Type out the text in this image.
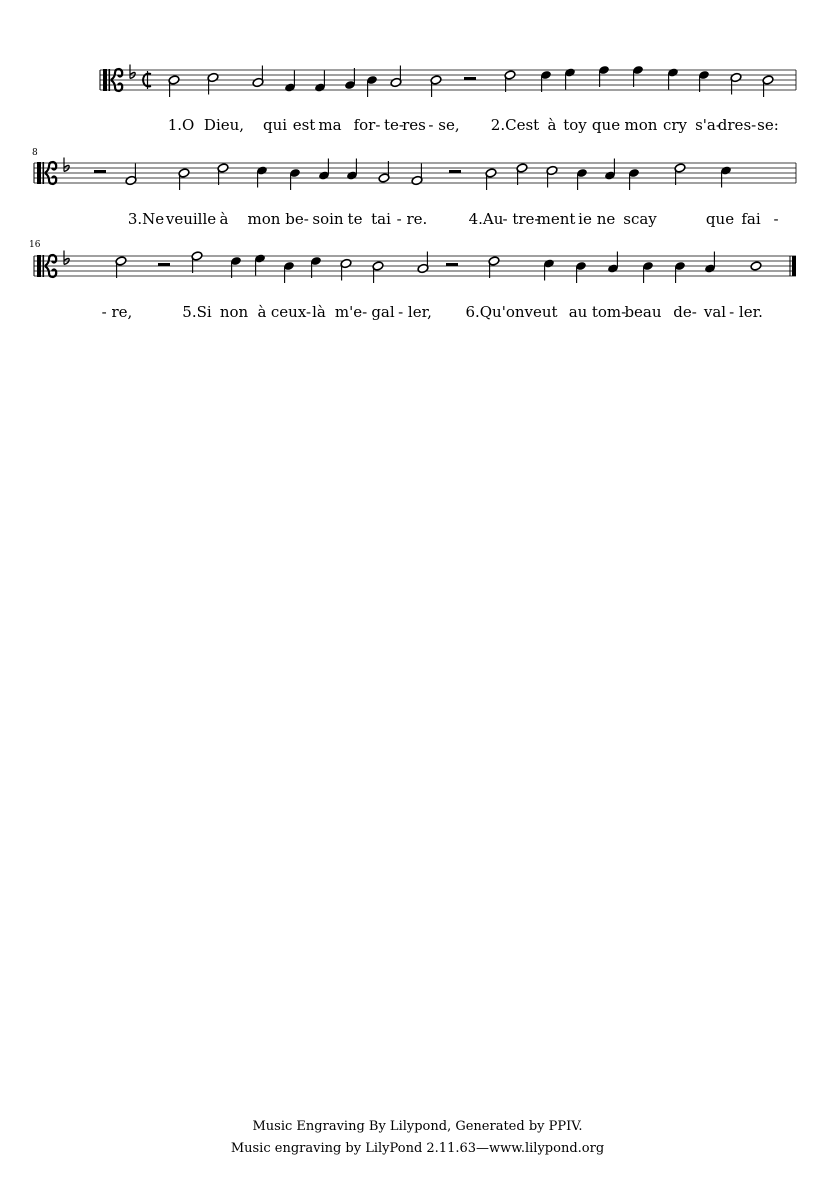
8
16
1.O Dieu, qui est ma for- te-
res - se, 2.Cest à toy que mon cry s'a-
dres- se:
3.Ne veuille à mon be- soin te tai - re.	4.Au - tre-
ment ie ne scay	que fai -
- re,	5.Si non à ceux- là m'e- gal - ler, 6.Qu'on veut au tom-
beau de- val - ler.
Music Engraving By Lilypond, Generated by PPIV.
Music engraving by LilyPond 2.11.63—www.lilypond.org
